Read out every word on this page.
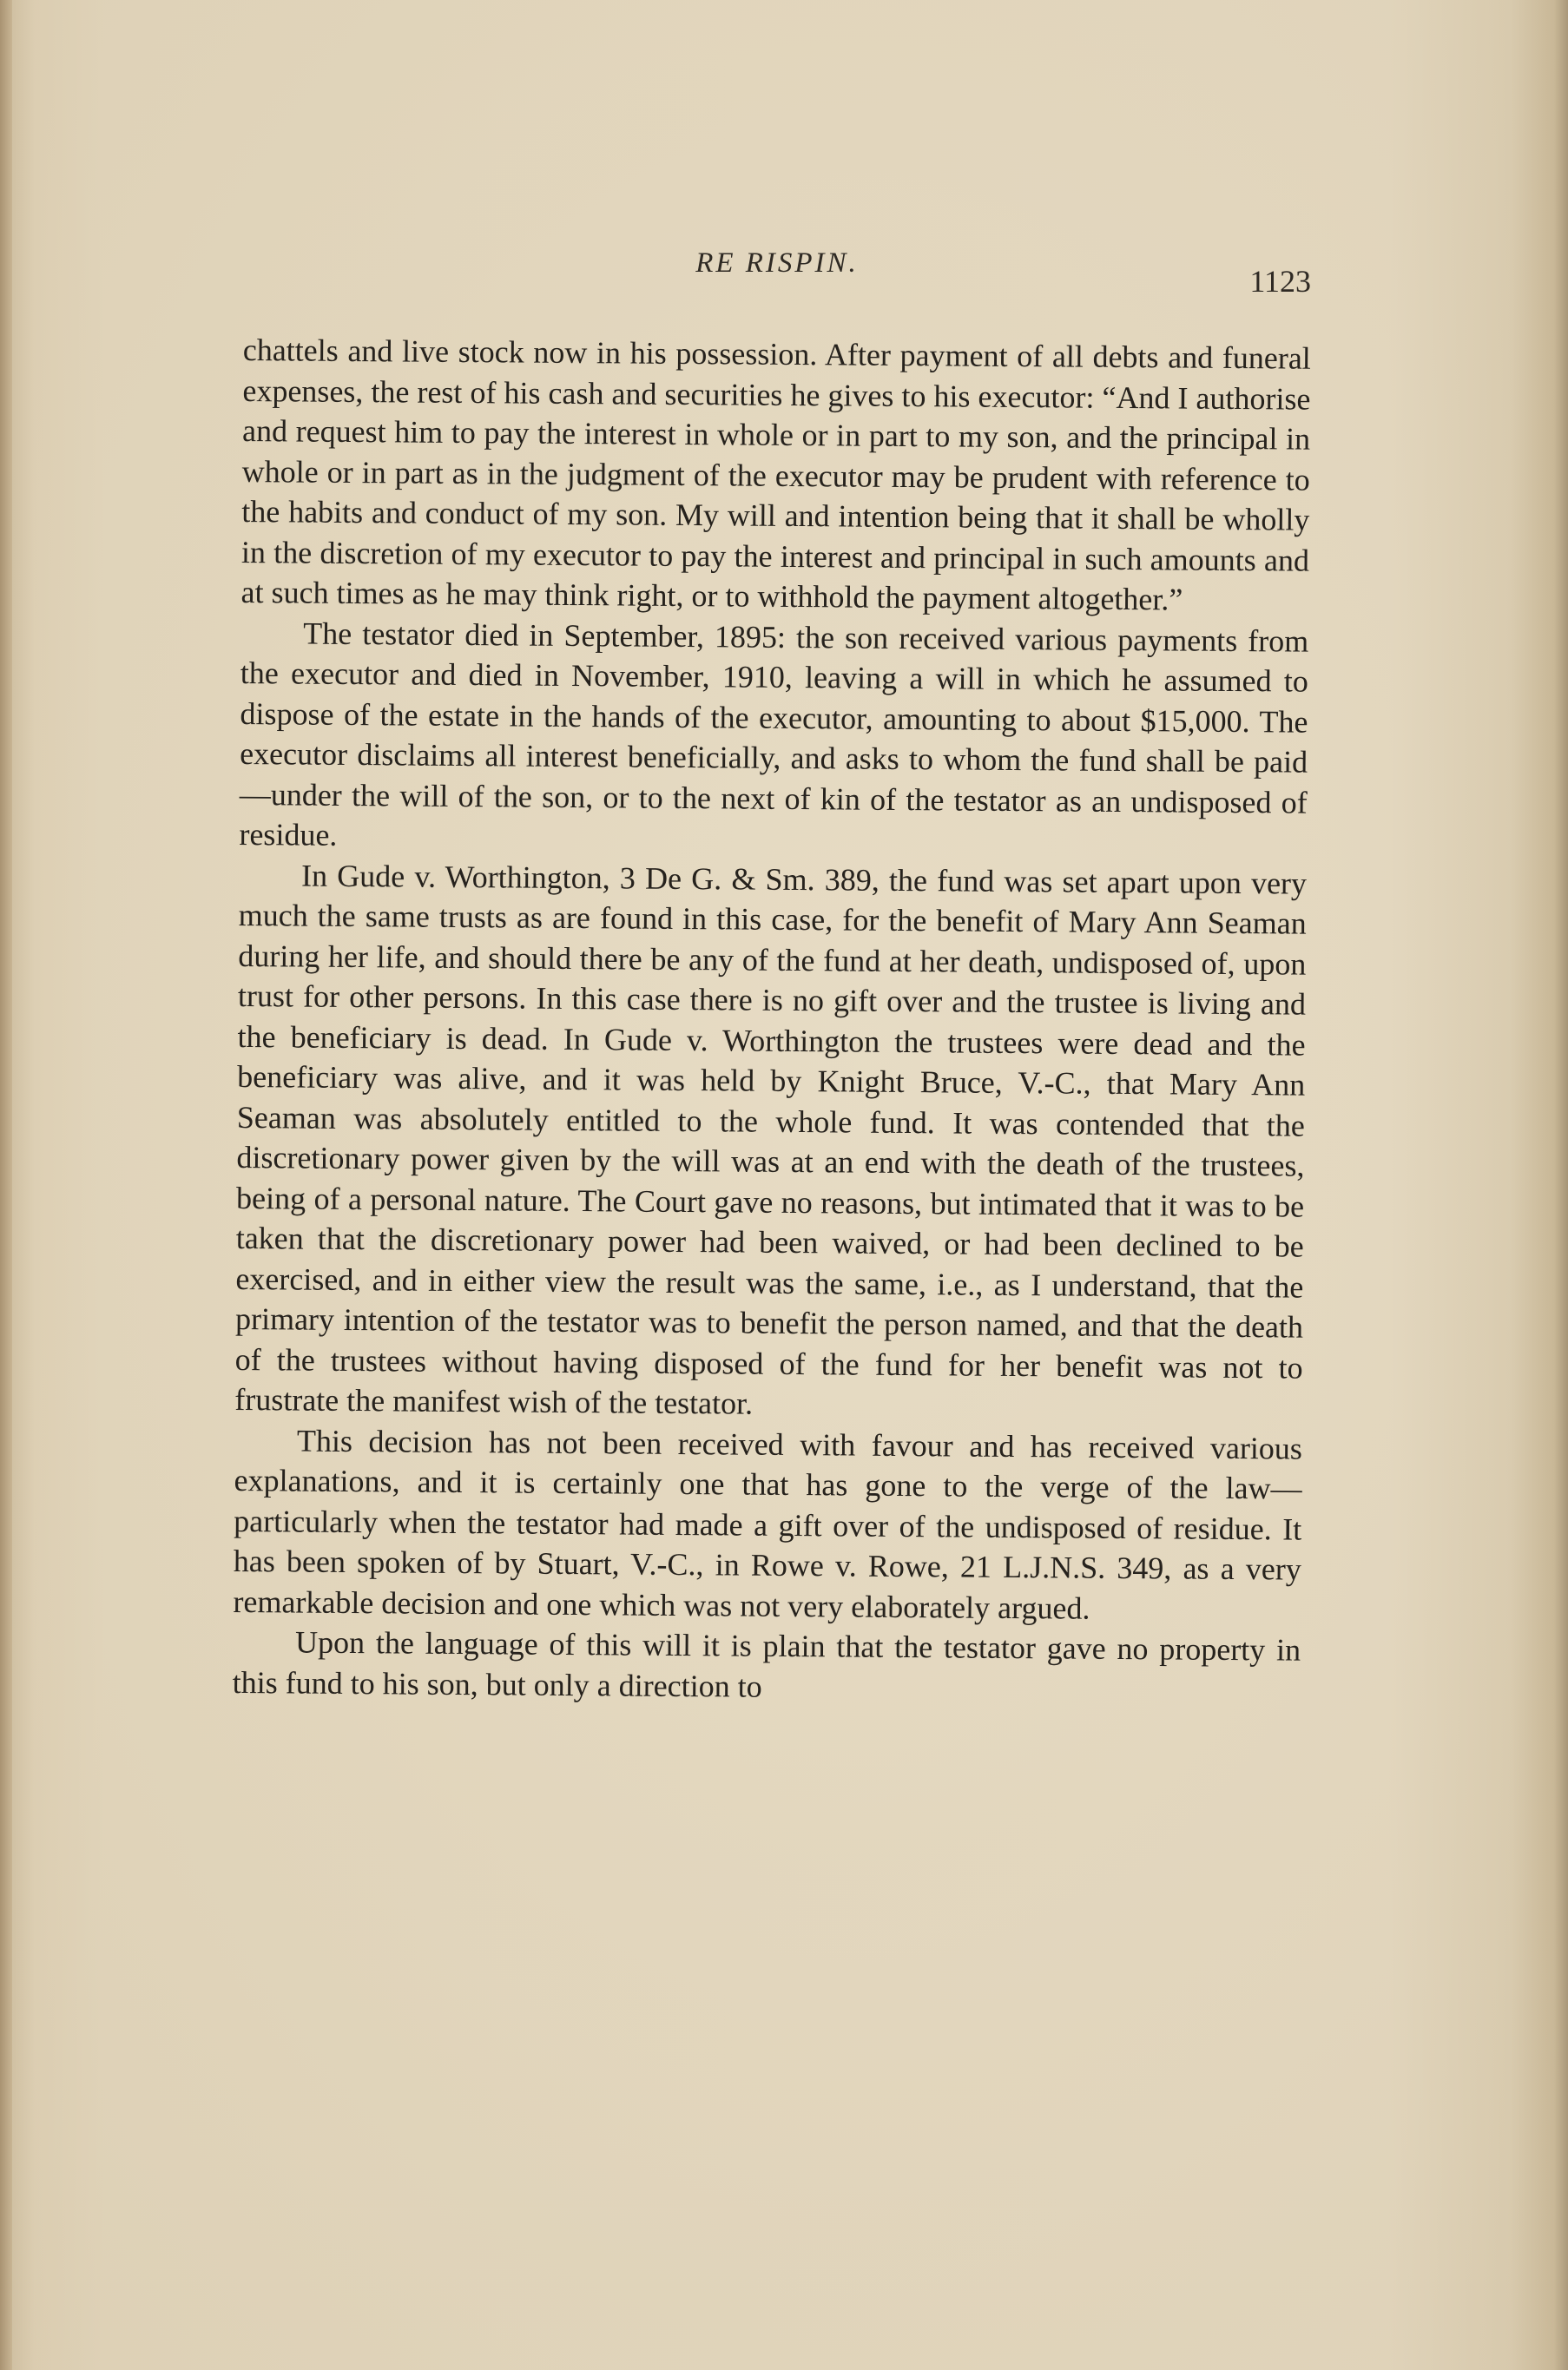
RE RISPIN.
1123

chattels and live stock now in his possession. After payment of all debts and funeral expenses, the rest of his cash and securities he gives to his executor: “And I authorise and request him to pay the interest in whole or in part to my son, and the principal in whole or in part as in the judgment of the executor may be prudent with reference to the habits and conduct of my son. My will and intention being that it shall be wholly in the discretion of my executor to pay the interest and principal in such amounts and at such times as he may think right, or to withhold the payment altogether.”

The testator died in September, 1895: the son received various payments from the executor and died in November, 1910, leaving a will in which he assumed to dispose of the estate in the hands of the executor, amounting to about $15,000. The executor disclaims all interest beneficially, and asks to whom the fund shall be paid—under the will of the son, or to the next of kin of the testator as an undisposed of residue.

In Gude v. Worthington, 3 De G. & Sm. 389, the fund was set apart upon very much the same trusts as are found in this case, for the benefit of Mary Ann Seaman during her life, and should there be any of the fund at her death, undisposed of, upon trust for other persons. In this case there is no gift over and the trustee is living and the beneficiary is dead. In Gude v. Worthington the trustees were dead and the beneficiary was alive, and it was held by Knight Bruce, V.-C., that Mary Ann Seaman was absolutely entitled to the whole fund. It was contended that the discretionary power given by the will was at an end with the death of the trustees, being of a personal nature. The Court gave no reasons, but intimated that it was to be taken that the discretionary power had been waived, or had been declined to be exercised, and in either view the result was the same, i.e., as I understand, that the primary intention of the testator was to benefit the person named, and that the death of the trustees without having disposed of the fund for her benefit was not to frustrate the manifest wish of the testator.

This decision has not been received with favour and has received various explanations, and it is certainly one that has gone to the verge of the law—particularly when the testator had made a gift over of the undisposed of residue. It has been spoken of by Stuart, V.-C., in Rowe v. Rowe, 21 L.J.N.S. 349, as a very remarkable decision and one which was not very elaborately argued.

Upon the language of this will it is plain that the testator gave no property in this fund to his son, but only a direction to
